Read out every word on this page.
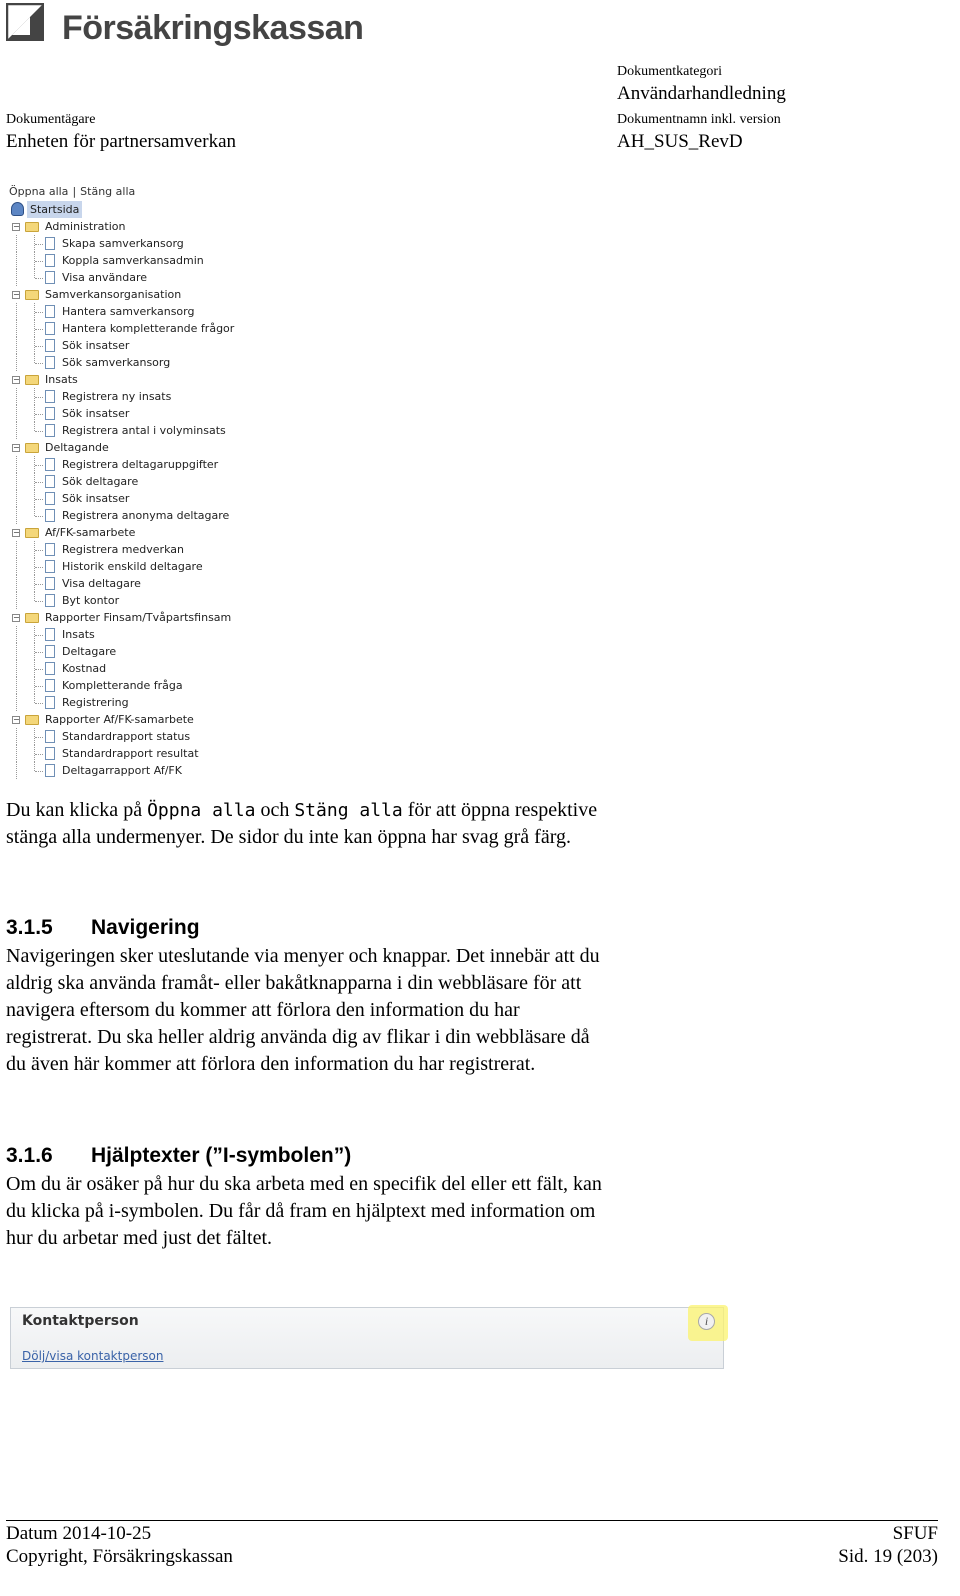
Försäkringskassan
Dokumentkategori
Användarhandledning
Dokumentägare
Enheten för partnersamverkan
Dokumentnamn inkl. version
AH_SUS_RevD
Öppna alla | Stäng alla
Startsida
− Administration
Skapa samverkansorg
Koppla samverkansadmin
Visa användare
− Samverkansorganisation
Hantera samverkansorg
Hantera kompletterande frågor
Sök insatser
Sök samverkansorg
− Insats
Registrera ny insats
Sök insatser
Registrera antal i volyminsats
− Deltagande
Registrera deltagaruppgifter
Sök deltagare
Sök insatser
Registrera anonyma deltagare
− Af/FK-samarbete
Registrera medverkan
Historik enskild deltagare
Visa deltagare
Byt kontor
− Rapporter Finsam/Tvåpartsfinsam
Insats
Deltagare
Kostnad
Kompletterande fråga
Registrering
− Rapporter Af/FK-samarbete
Standardrapport status
Standardrapport resultat
Deltagarrapport Af/FK
Du kan klicka på Öppna alla och Stäng alla för att öppna respektive
stänga alla undermenyer. De sidor du inte kan öppna har svag grå färg.
3.1.5 Navigering
Navigeringen sker uteslutande via menyer och knappar. Det innebär att du
aldrig ska använda framåt- eller bakåtknapparna i din webbläsare för att
navigera eftersom du kommer att förlora den information du har
registrerat. Du ska heller aldrig använda dig av flikar i din webbläsare då
du även här kommer att förlora den information du har registrerat.
3.1.6 Hjälptexter (”I-symbolen”)
Om du är osäker på hur du ska arbeta med en specifik del eller ett fält, kan
du klicka på i-symbolen. Du får då fram en hjälptext med information om
hur du arbetar med just det fältet.
Kontaktperson
Dölj/visa kontaktperson
i
Datum 2014-10-25
Copyright, Försäkringskassan
SFUF
Sid. 19 (203)
